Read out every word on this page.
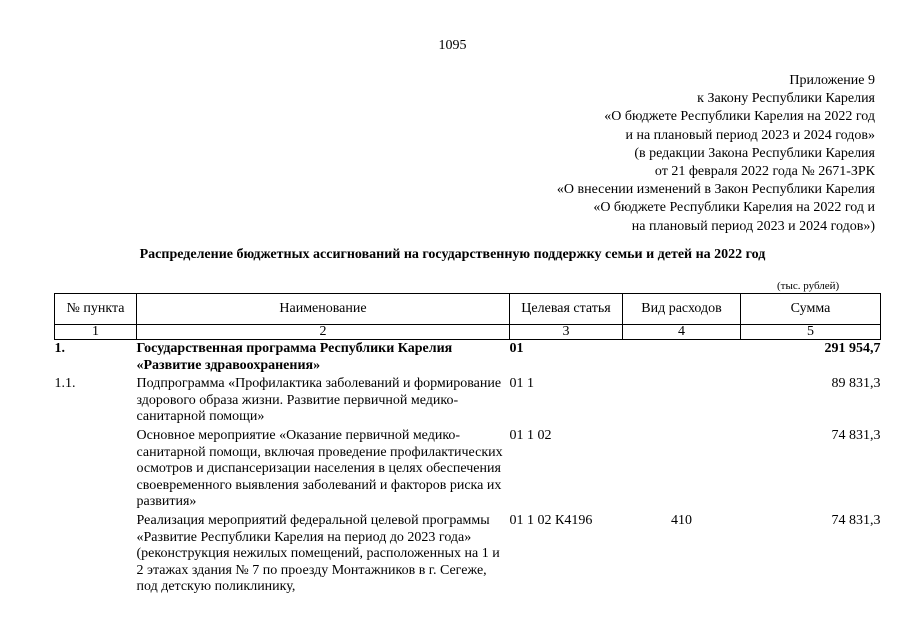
1095
Приложение 9
к Закону Республики Карелия
«О бюджете Республики Карелия на 2022 год
и на плановый период 2023 и 2024 годов»
(в редакции Закона Республики Карелия
от 21 февраля 2022 года № 2671-ЗРК
«О внесении изменений в Закон Республики Карелия
«О бюджете Республики Карелия на 2022 год и
на плановый период 2023 и 2024 годов»)
Распределение бюджетных ассигнований на государственную поддержку семьи и детей на 2022 год
(тыс. рублей)
№ пункта	Наименование	Целевая статья	Вид расходов	Сумма
1	2	3	4	5
1.	Государственная программа Республики Карелия «Развитие здравоохранения»	01		291 954,7
1.1.	Подпрограмма «Профилактика заболеваний и формирование здорового образа жизни. Развитие первичной медико-санитарной помощи»	01 1		89 831,3
	Основное мероприятие «Оказание первичной медико-санитарной помощи, включая проведение профилактических осмотров и диспансеризации населения в целях обеспечения своевременного выявления заболеваний и факторов риска их развития»	01 1 02		74 831,3
	Реализация мероприятий федеральной целевой программы «Развитие Республики Карелия на период до 2023 года» (реконструкция нежилых помещений, расположенных на 1 и 2 этажах здания № 7 по проезду Монтажников в г. Сегеже, под детскую поликлинику,	01 1 02 К4196	410	74 831,3
